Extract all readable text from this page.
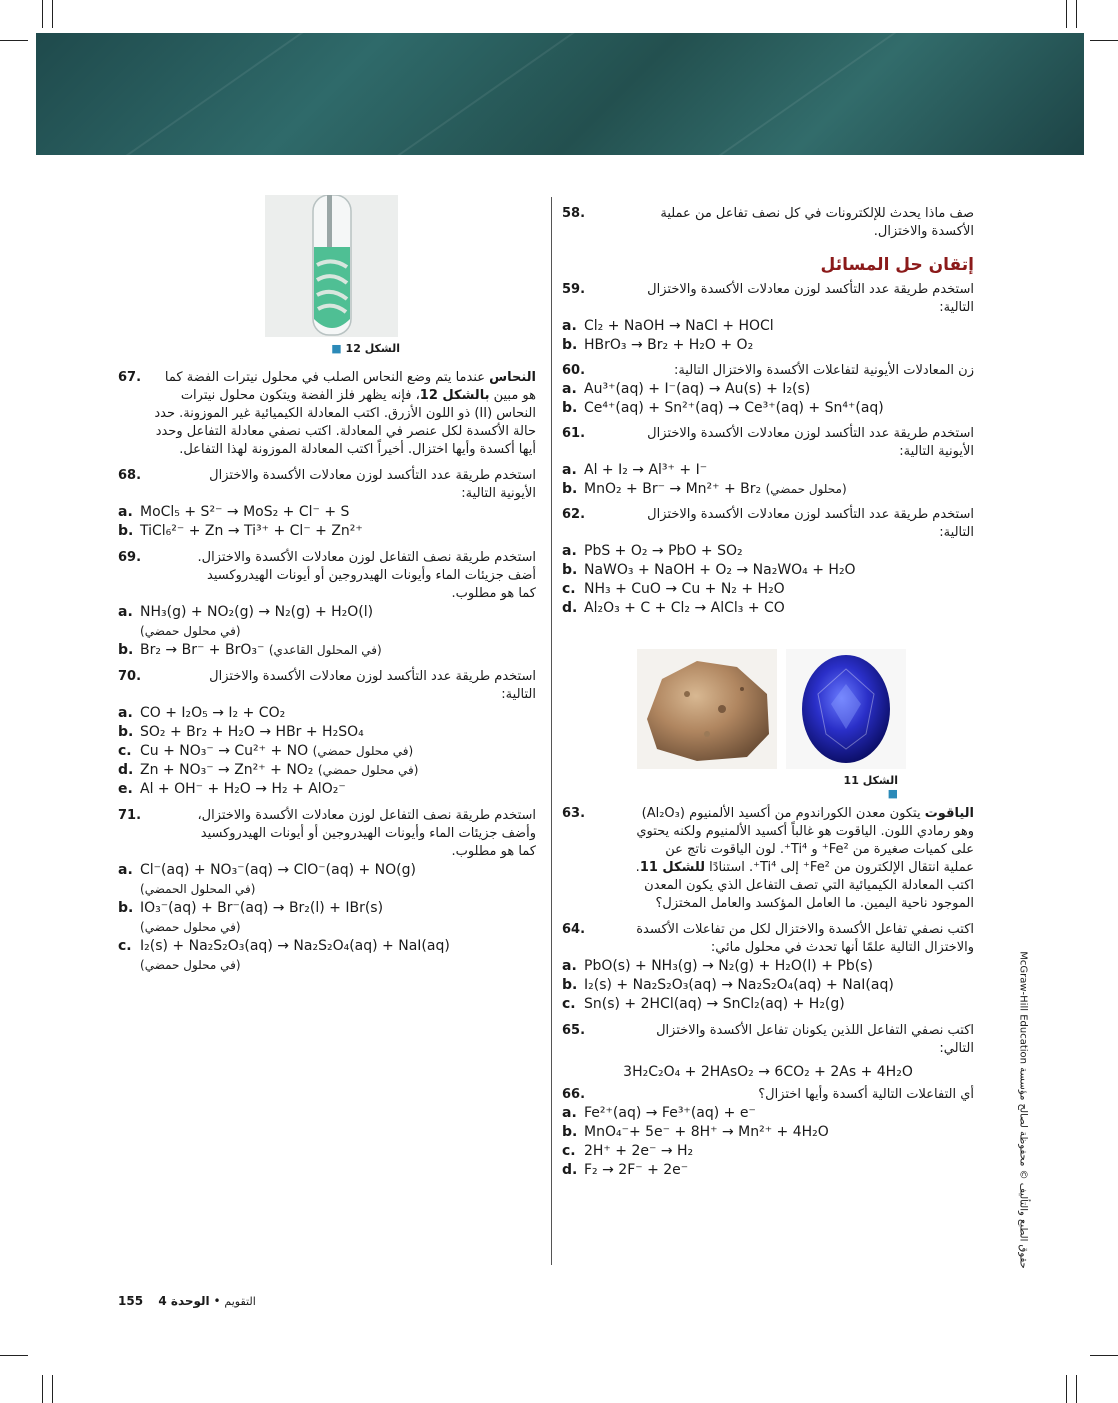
صف ماذا يحدث للإلكترونات في كل نصف تفاعل من عملية الأكسدة والاختزال.
58.
إتقان حل المسائل
استخدم طريقة عدد التأكسد لوزن معادلات الأكسدة والاختزال التالية:
59.
a. Cl₂ + NaOH → NaCl + HOCl
b. HBrO₃ → Br₂ + H₂O + O₂
زن المعادلات الأيونية لتفاعلات الأكسدة والاختزال التالية:
60.
a. Au³⁺(aq) + I⁻(aq) → Au(s) + I₂(s)
b. Ce⁴⁺(aq) + Sn²⁺(aq) → Ce³⁺(aq) + Sn⁴⁺(aq)
استخدم طريقة عدد التأكسد لوزن معادلات الأكسدة والاختزال الأيونية التالية:
61.
a. Al + I₂ → Al³⁺ + I⁻
b. MnO₂ + Br⁻ → Mn²⁺ + Br₂ (محلول حمضي)
استخدم طريقة عدد التأكسد لوزن معادلات الأكسدة والاختزال التالية:
62.
a. PbS + O₂ → PbO + SO₂
b. NaWO₃ + NaOH + O₂ → Na₂WO₄ + H₂O
c. NH₃ + CuO → Cu + N₂ + H₂O
d. Al₂O₃ + C + Cl₂ → AlCl₃ + CO
الشكل 11 ■
الياقوت يتكون معدن الكوراندوم من أكسيد الألمنيوم (Al₂O₃) وهو رمادي اللون. الياقوت هو غالباً أكسيد الألمنيوم ولكنه يحتوي على كميات صغيرة من Fe²⁺ و Ti⁴⁺. لون الياقوت ناتج عن عملية انتقال الإلكترون من Fe²⁺ إلى Ti⁴⁺. استنادًا للشكل 11. اكتب المعادلة الكيميائية التي تصف التفاعل الذي يكون المعدن الموجود ناحية اليمين. ما العامل المؤكسد والعامل المختزل؟
63.
اكتب نصفي تفاعل الأكسدة والاختزال لكل من تفاعلات الأكسدة والاختزال التالية علمًا أنها تحدث في محلول مائي:
64.
a. PbO(s) + NH₃(g) → N₂(g) + H₂O(l) + Pb(s)
b. I₂(s) + Na₂S₂O₃(aq) → Na₂S₂O₄(aq) + NaI(aq)
c. Sn(s) + 2HCl(aq) → SnCl₂(aq) + H₂(g)
اكتب نصفي التفاعل اللذين يكونان تفاعل الأكسدة والاختزال التالي:
65.
3H₂C₂O₄ + 2HAsO₂ → 6CO₂ + 2As + 4H₂O
أي التفاعلات التالية أكسدة وأيها اختزال؟
66.
a. Fe²⁺(aq) → Fe³⁺(aq) + e⁻
b. MnO₄⁻+ 5e⁻ + 8H⁺ → Mn²⁺ + 4H₂O
c. 2H⁺ + 2e⁻ → H₂
d. F₂ → 2F⁻ + 2e⁻
الشكل 12 ■
النحاس عندما يتم وضع النحاس الصلب في محلول نيترات الفضة كما هو مبين بالشكل 12، فإنه يظهر فلز الفضة ويتكون محلول نيترات النحاس (II) ذو اللون الأزرق. اكتب المعادلة الكيميائية غير الموزونة. حدد حالة الأكسدة لكل عنصر في المعادلة. اكتب نصفي معادلة التفاعل وحدد أيها أكسدة وأيها اختزال. أخيراً اكتب المعادلة الموزونة لهذا التفاعل.
67.
استخدم طريقة عدد التأكسد لوزن معادلات الأكسدة والاختزال الأيونية التالية:
68.
a. MoCl₅ + S²⁻ → MoS₂ + Cl⁻ + S
b. TiCl₆²⁻ + Zn → Ti³⁺ + Cl⁻ + Zn²⁺
استخدم طريقة نصف التفاعل لوزن معادلات الأكسدة والاختزال. أضف جزيئات الماء وأيونات الهيدروجين أو أيونات الهيدروكسيد كما هو مطلوب.
69.
a. NH₃(g) + NO₂(g) → N₂(g) + H₂O(l)
(في محلول حمضي)
b. Br₂ → Br⁻ + BrO₃⁻ (في المحلول القاعدي)
استخدم طريقة عدد التأكسد لوزن معادلات الأكسدة والاختزال التالية:
70.
a. CO + I₂O₅ → I₂ + CO₂
b. SO₂ + Br₂ + H₂O → HBr + H₂SO₄
c. Cu + NO₃⁻ → Cu²⁺ + NO (في محلول حمضي)
d. Zn + NO₃⁻ → Zn²⁺ + NO₂ (في محلول حمضي)
e. Al + OH⁻ + H₂O → H₂ + AlO₂⁻
استخدم طريقة نصف التفاعل لوزن معادلات الأكسدة والاختزال، وأضف جزيئات الماء وأيونات الهيدروجين أو أيونات الهيدروكسيد كما هو مطلوب.
71.
a. Cl⁻(aq) + NO₃⁻(aq) → ClO⁻(aq) + NO(g)
(في المحلول الحمضي)
b. IO₃⁻(aq) + Br⁻(aq) → Br₂(l) + IBr(s)
(في محلول حمضي)
c. I₂(s) + Na₂S₂O₃(aq) → Na₂S₂O₄(aq) + NaI(aq)
(في محلول حمضي)	McGraw-Hill Education حقوق الطبع والتأليف © محفوظة لصالح مؤسسة
155	التقويم • الوحدة 4
